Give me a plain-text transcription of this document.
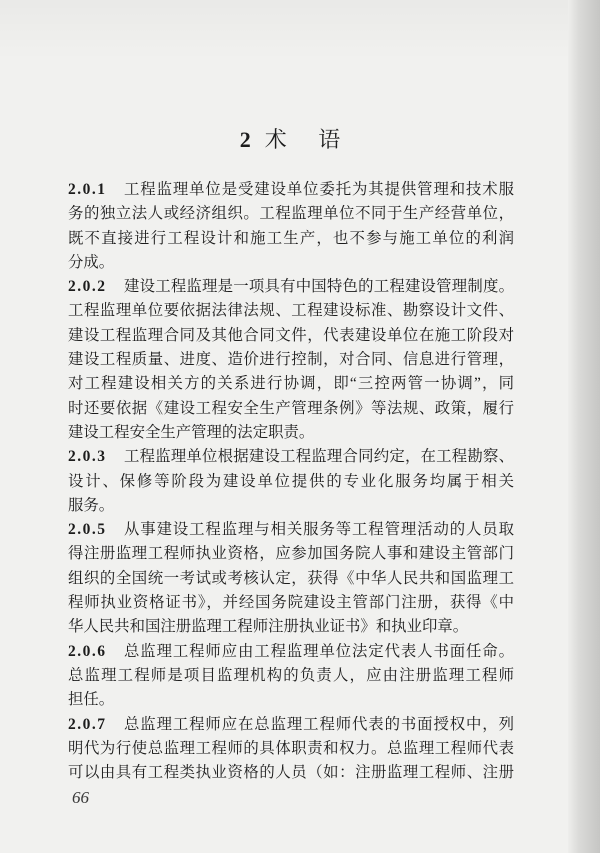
2 术 语
2.0.1	工程监理单位是受建设单位委托为其提供管理和技术服
务的独立法人或经济组织。工程监理单位不同于生产经营单位，
既不直接进行工程设计和施工生产，也不参与施工单位的利润
分成。
2.0.2	建设工程监理是一项具有中国特色的工程建设管理制度。
工程监理单位要依据法律法规、工程建设标准、勘察设计文件、
建设工程监理合同及其他合同文件，代表建设单位在施工阶段对
建设工程质量、进度、造价进行控制，对合同、信息进行管理，
对工程建设相关方的关系进行协调，即“三控两管一协调”，同
时还要依据《建设工程安全生产管理条例》等法规、政策，履行
建设工程安全生产管理的法定职责。
2.0.3	工程监理单位根据建设工程监理合同约定，在工程勘察、
设计、保修等阶段为建设单位提供的专业化服务均属于相关
服务。
2.0.5	从事建设工程监理与相关服务等工程管理活动的人员取
得注册监理工程师执业资格，应参加国务院人事和建设主管部门
组织的全国统一考试或考核认定，获得《中华人民共和国监理工
程师执业资格证书》，并经国务院建设主管部门注册，获得《中
华人民共和国注册监理工程师注册执业证书》和执业印章。
2.0.6	总监理工程师应由工程监理单位法定代表人书面任命。
总监理工程师是项目监理机构的负责人，应由注册监理工程师
担任。
2.0.7	总监理工程师应在总监理工程师代表的书面授权中，列
明代为行使总监理工程师的具体职责和权力。总监理工程师代表
可以由具有工程类执业资格的人员（如：注册监理工程师、注册
66
